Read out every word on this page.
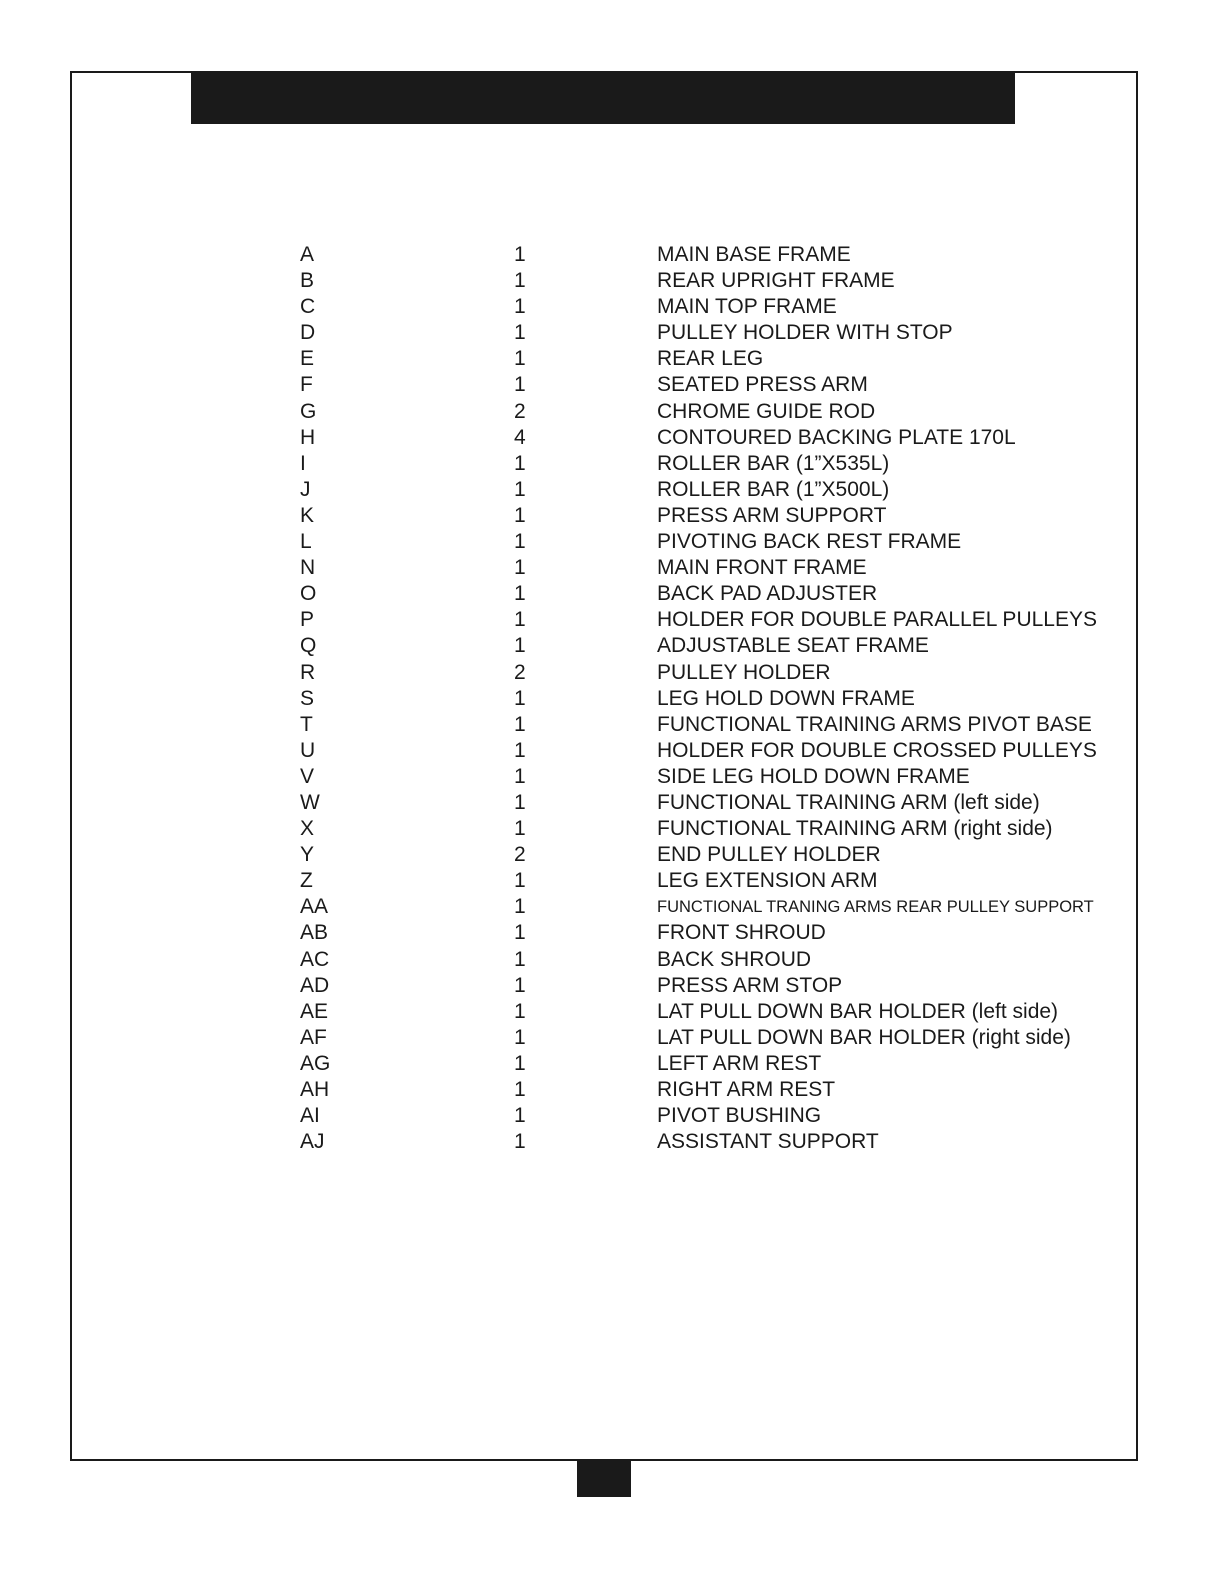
A	1	MAIN BASE FRAME
B	1	REAR UPRIGHT FRAME
C	1	MAIN TOP FRAME
D	1	PULLEY HOLDER WITH STOP
E	1	REAR LEG
F	1	SEATED PRESS ARM
G	2	CHROME GUIDE ROD
H	4	CONTOURED BACKING PLATE 170L
I	1	ROLLER BAR (1”X535L)
J	1	ROLLER BAR (1”X500L)
K	1	PRESS ARM SUPPORT
L	1	PIVOTING BACK REST FRAME
N	1	MAIN FRONT FRAME
O	1	BACK PAD ADJUSTER
P	1	HOLDER FOR DOUBLE PARALLEL PULLEYS
Q	1	ADJUSTABLE SEAT FRAME
R	2	PULLEY HOLDER
S	1	LEG HOLD DOWN FRAME
T	1	FUNCTIONAL TRAINING ARMS PIVOT BASE
U	1	HOLDER FOR DOUBLE CROSSED PULLEYS
V	1	SIDE LEG HOLD DOWN FRAME
W	1	FUNCTIONAL TRAINING ARM (left side)
X	1	FUNCTIONAL TRAINING ARM (right side)
Y	2	END PULLEY HOLDER
Z	1	LEG EXTENSION ARM
AA	1	FUNCTIONAL TRANING ARMS REAR PULLEY SUPPORT
AB	1	FRONT SHROUD
AC	1	BACK SHROUD
AD	1	PRESS ARM STOP
AE	1	LAT PULL DOWN BAR HOLDER (left side)
AF	1	LAT PULL DOWN BAR HOLDER (right side)
AG	1	LEFT ARM REST
AH	1	RIGHT ARM REST
AI	1	PIVOT BUSHING
AJ	1	ASSISTANT SUPPORT
